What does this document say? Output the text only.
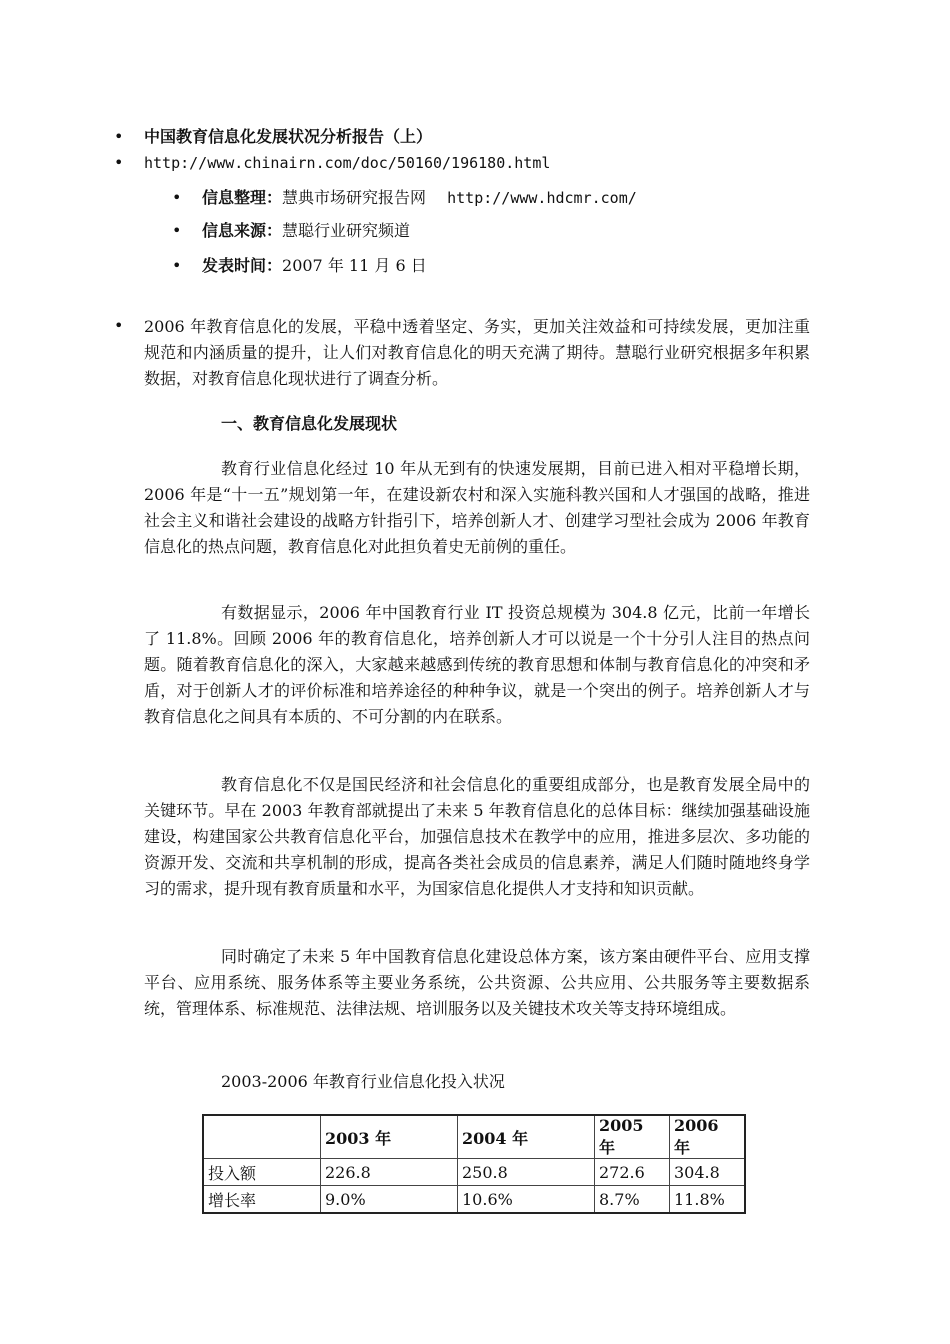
• 中国教育信息化发展状况分析报告（上）
• http://www.chinairn.com/doc/50160/196180.html
• 信息整理：慧典市场研究报告网 http://www.hdcmr.com/
• 信息来源：慧聪行业研究频道
• 发表时间：2007 年 11 月 6 日
• 2006 年教育信息化的发展，平稳中透着坚定、务实，更加关注效益和可持续发展，更加注重规范和内涵质量的提升，让人们对教育信息化的明天充满了期待。慧聪行业研究根据多年积累数据，对教育信息化现状进行了调查分析。

一、教育信息化发展现状

教育行业信息化经过 10 年从无到有的快速发展期，目前已进入相对平稳增长期，2006 年是“十一五”规划第一年，在建设新农村和深入实施科教兴国和人才强国的战略，推进社会主义和谐社会建设的战略方针指引下，培养创新人才、创建学习型社会成为 2006 年教育信息化的热点问题，教育信息化对此担负着史无前例的重任。

有数据显示，2006 年中国教育行业 IT 投资总规模为 304.8 亿元，比前一年增长了 11.8%。回顾 2006 年的教育信息化，培养创新人才可以说是一个十分引人注目的热点问题。随着教育信息化的深入，大家越来越感到传统的教育思想和体制与教育信息化的冲突和矛盾，对于创新人才的评价标准和培养途径的种种争议，就是一个突出的例子。培养创新人才与教育信息化之间具有本质的、不可分割的内在联系。

教育信息化不仅是国民经济和社会信息化的重要组成部分，也是教育发展全局中的关键环节。早在 2003 年教育部就提出了未来 5 年教育信息化的总体目标：继续加强基础设施建设，构建国家公共教育信息化平台，加强信息技术在教学中的应用，推进多层次、多功能的资源开发、交流和共享机制的形成，提高各类社会成员的信息素养，满足人们随时随地终身学习的需求，提升现有教育质量和水平，为国家信息化提供人才支持和知识贡献。

同时确定了未来 5 年中国教育信息化建设总体方案，该方案由硬件平台、应用支撑平台、应用系统、服务体系等主要业务系统，公共资源、公共应用、公共服务等主要数据系统，管理体系、标准规范、法律法规、培训服务以及关键技术攻关等支持环境组成。

2003-2006 年教育行业信息化投入状况
	2003 年	2004 年	2005 年	2006 年
投入额	226.8	250.8	272.6	304.8
增长率	9.0%	10.6%	8.7%	11.8%
